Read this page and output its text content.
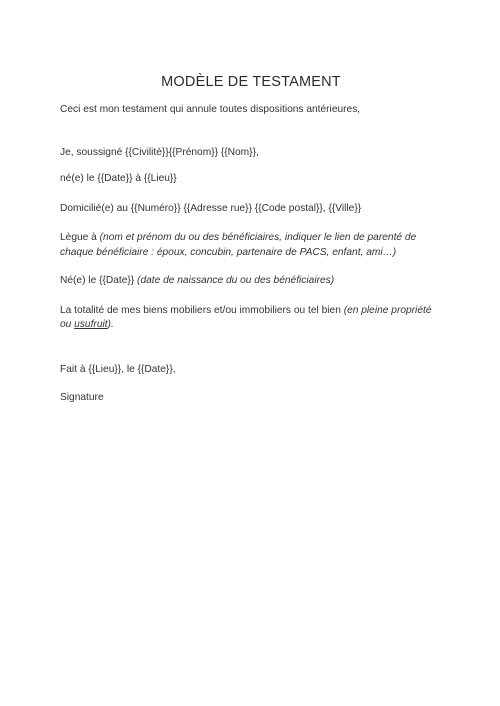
MODÈLE DE TESTAMENT

Ceci est mon testament qui annule toutes dispositions antérieures,

Je, soussigné {{Civilité}}{{Prénom}} {{Nom}},

né(e) le {{Date}} à {{Lieu}}

Domicilié(e) au {{Numéro}} {{Adresse rue}} {{Code postal}}, {{Ville}}

Lègue à (nom et prénom du ou des bénéficiaires, indiquer le lien de parenté de chaque bénéficiaire : époux, concubin, partenaire de PACS, enfant, ami…)

Né(e) le {{Date}} (date de naissance du ou des bénéficiaires)

La totalité de mes biens mobiliers et/ou immobiliers ou tel bien (en pleine propriété ou usufruit).

Fait à {{Lieu}}, le {{Date}},

Signature
